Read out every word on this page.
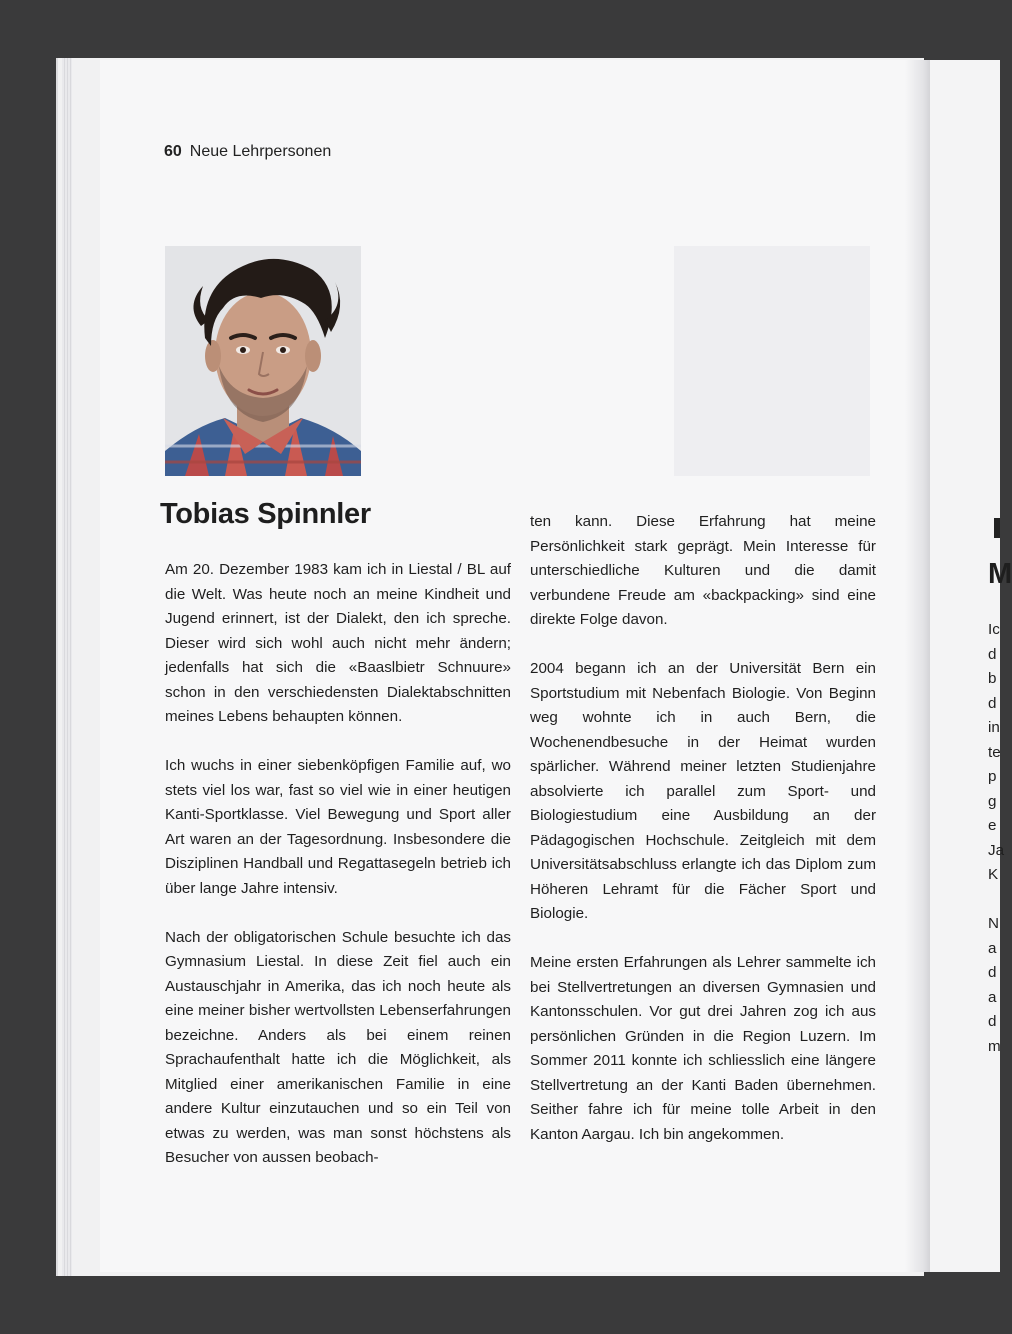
M
Ic
d
b
d
in
te
p
g
e
Ja
K
N
a
d
a
d
m
60 Neue Lehrpersonen
Tobias Spinnler

Am 20. Dezember 1983 kam ich in Liestal / BL auf die Welt. Was heute noch an meine Kindheit und Jugend erinnert, ist der Dialekt, den ich spreche. Dieser wird sich wohl auch nicht mehr ändern; jedenfalls hat sich die «Baaslbietr Schnuure» schon in den verschiedensten Dialektabschnitten meines Lebens behaupten können.

Ich wuchs in einer siebenköpfigen Familie auf, wo stets viel los war, fast so viel wie in einer heutigen Kanti-Sportklasse. Viel Bewegung und Sport aller Art waren an der Tagesordnung. Insbesondere die Disziplinen Handball und Regattasegeln betrieb ich über lange Jahre intensiv.

Nach der obligatorischen Schule besuchte ich das Gymnasium Liestal. In diese Zeit fiel auch ein Austauschjahr in Amerika, das ich noch heute als eine meiner bisher wertvollsten Lebenserfahrungen bezeichne. Anders als bei einem reinen Sprachaufenthalt hatte ich die Möglichkeit, als Mitglied einer amerikanischen Familie in eine andere Kultur einzutauchen und so ein Teil von etwas zu werden, was man sonst höchstens als Besucher von aussen beobach-

ten kann. Diese Erfahrung hat meine Persönlichkeit stark geprägt. Mein Interesse für unterschiedliche Kulturen und die damit verbundene Freude am «backpacking» sind eine direkte Folge davon.

2004 begann ich an der Universität Bern ein Sportstudium mit Nebenfach Biologie. Von Beginn weg wohnte ich in auch Bern, die Wochenendbesuche in der Heimat wurden spärlicher. Während meiner letzten Studienjahre absolvierte ich parallel zum Sport- und Biologiestudium eine Ausbildung an der Pädagogischen Hochschule. Zeitgleich mit dem Universitätsabschluss erlangte ich das Diplom zum Höheren Lehramt für die Fächer Sport und Biologie.

Meine ersten Erfahrungen als Lehrer sammelte ich bei Stellvertretungen an diversen Gymnasien und Kantonsschulen. Vor gut drei Jahren zog ich aus persönlichen Gründen in die Region Luzern. Im Sommer 2011 konnte ich schliesslich eine längere Stellvertretung an der Kanti Baden übernehmen. Seither fahre ich für meine tolle Arbeit in den Kanton Aargau. Ich bin angekommen.
